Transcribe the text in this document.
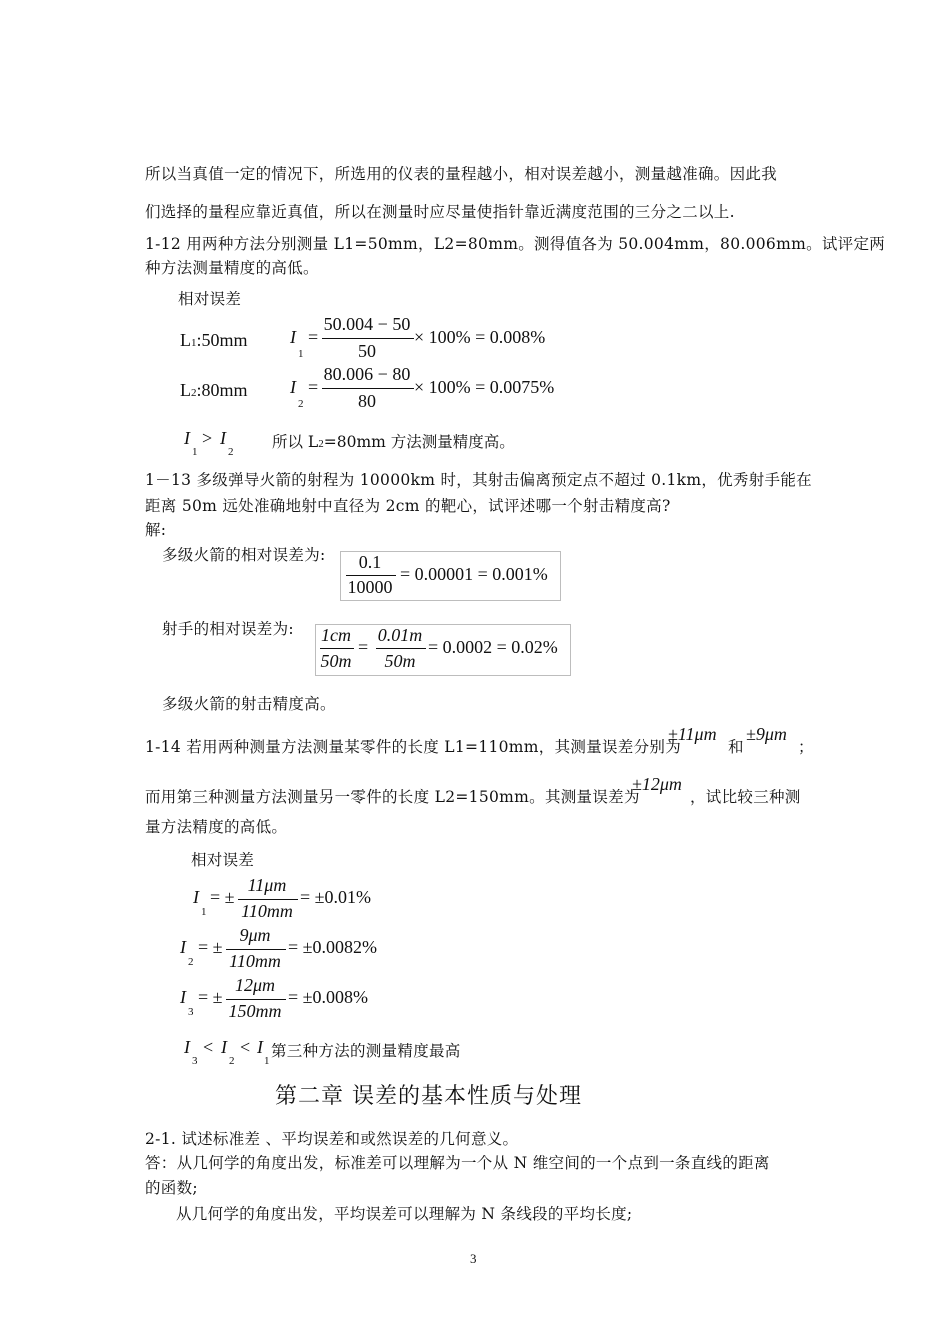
所以当真值一定的情况下，所选用的仪表的量程越小，相对误差越小，测量越准确。因此我
们选择的量程应靠近真值，所以在测量时应尽量使指针靠近满度范围的三分之二以上.
1-12 用两种方法分别测量 L1=50mm，L2=80mm。测得值各为 50.004mm，80.006mm。试评定两
种方法测量精度的高低。
相对误差
L1:50mm I
1
=
50.004 − 50
50
× 100% = 0.008%
L2:80mm I
2
=
80.006 − 80
80
× 100% = 0.0075%
I
1
> I
2
所以 L2=80mm 方法测量精度高。
1－13 多级弹导火箭的射程为 10000km 时，其射击偏离预定点不超过 0.1km，优秀射手能在
距离 50m 远处准确地射中直径为 2cm 的靶心，试评述哪一个射击精度高?
解:
多级火箭的相对误差为:	0.1
10000
= 0.00001 = 0.001%
射手的相对误差为: 1cm
50m
=
0.01m
50m
= 0.0002 = 0.02%
多级火箭的射击精度高。
1-14 若用两种测量方法测量某零件的长度 L1=110mm，其测量误差分别为
±11μm
和
±9μm
；
而用第三种测量方法测量另一零件的长度 L2=150mm。其测量误差为
±12μm
，试比较三种测
量方法精度的高低。
相对误差
I
1
= ±
11μm
110mm
= ±0.01%
I
2
= ±
9μm
110mm
= ±0.0082%
I
3
= ±
12μm
150mm
= ±0.008%
I
3
< I
2
< I
1
第三种方法的测量精度最高
第二章 误差的基本性质与处理
2-1. 试述标准差 、平均误差和或然误差的几何意义。
答：从几何学的角度出发，标准差可以理解为一个从 N 维空间的一个点到一条直线的距离
的函数;
从几何学的角度出发，平均误差可以理解为 N 条线段的平均长度;
3
